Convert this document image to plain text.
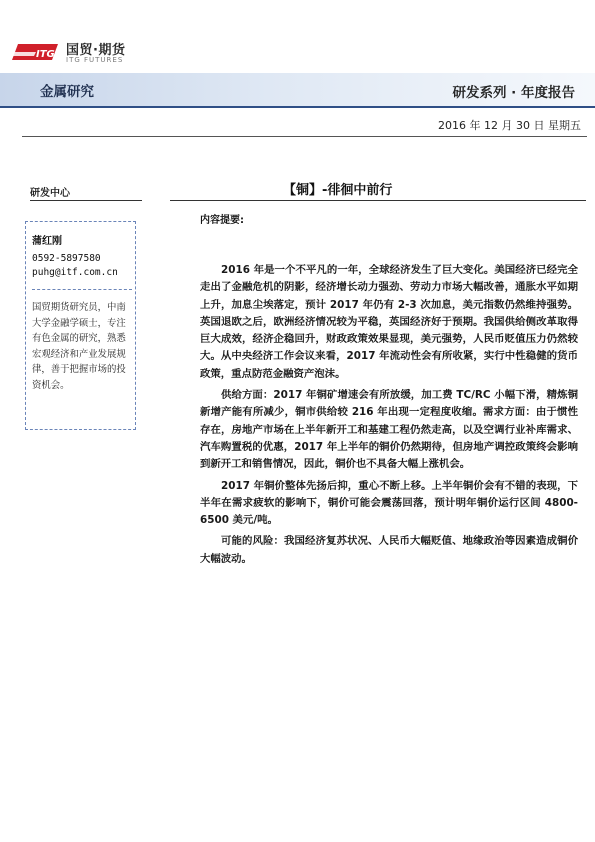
ITG 国贸·期货
ITG FUTURES
金属研究	研发系列 · 年度报告
2016 年 12 月 30 日 星期五
研发中心
蒲红刚
0592-5897580
puhg@itf.com.cn
国贸期货研究员，中南大学金融学硕士，专注有色金属的研究，熟悉宏观经济和产业发展规律，善于把握市场的投资机会。
【铜】-徘徊中前行
内容提要:

2016 年是一个不平凡的一年，全球经济发生了巨大变化。美国经济已经完全走出了金融危机的阴影，经济增长动力强劲、劳动力市场大幅改善，通胀水平如期上升，加息尘埃落定，预计 2017 年仍有 2-3 次加息，美元指数仍然维持强势。英国退欧之后，欧洲经济情况较为平稳，英国经济好于预期。我国供给侧改革取得巨大成效，经济企稳回升，财政政策效果显现，美元强势，人民币贬值压力仍然较大。从中央经济工作会议来看，2017 年流动性会有所收紧，实行中性稳健的货币政策，重点防范金融资产泡沫。

供给方面：2017 年铜矿增速会有所放缓，加工费 TC/RC 小幅下滑，精炼铜新增产能有所减少，铜市供给较 216 年出现一定程度收缩。需求方面：由于惯性存在，房地产市场在上半年新开工和基建工程仍然走高，以及空调行业补库需求、汽车购置税的优惠，2017 年上半年的铜价仍然期待，但房地产调控政策终会影响到新开工和销售情况，因此，铜价也不具备大幅上涨机会。

2017 年铜价整体先扬后抑，重心不断上移。上半年铜价会有不错的表现，下半年在需求疲软的影响下，铜价可能会震荡回落，预计明年铜价运行区间 4800-6500 美元/吨。

可能的风险：我国经济复苏状况、人民币大幅贬值、地缘政治等因素造成铜价大幅波动。
